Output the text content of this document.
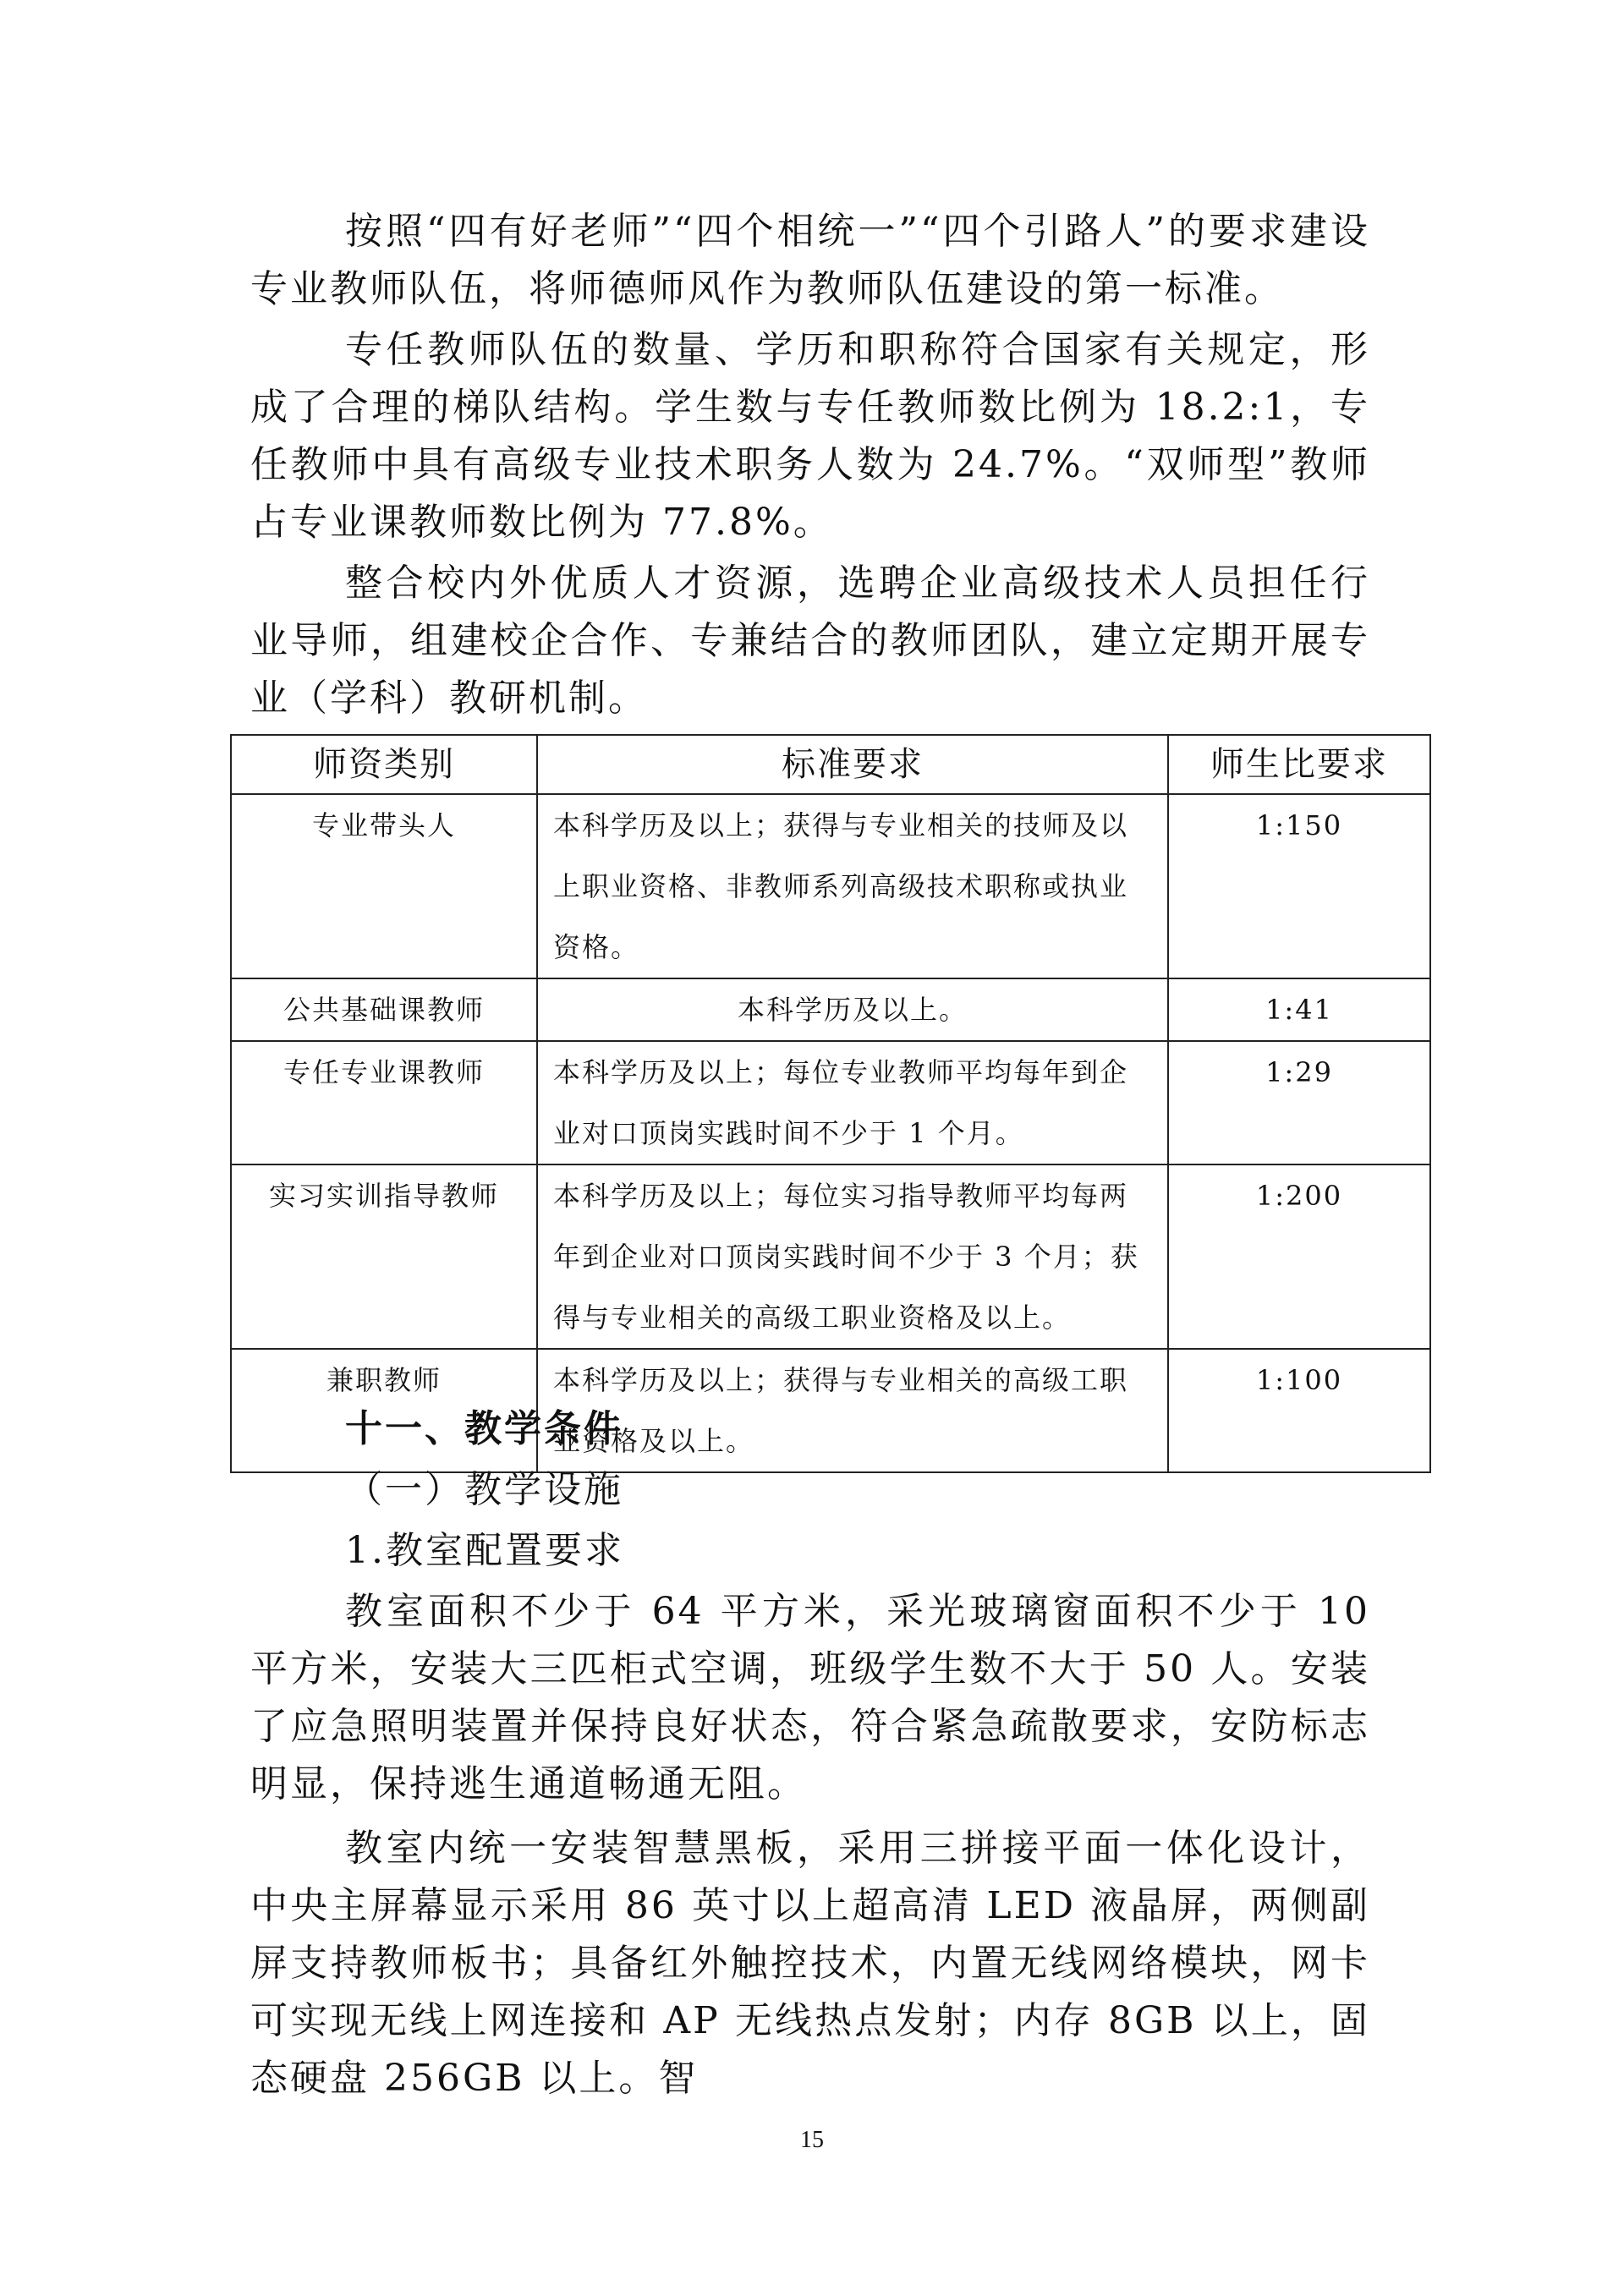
按照“四有好老师”“四个相统一”“四个引路人”的要求建设专业教师队伍，将师德师风作为教师队伍建设的第一标准。

专任教师队伍的数量、学历和职称符合国家有关规定，形成了合理的梯队结构。学生数与专任教师数比例为 18.2:1，专任教师中具有高级专业技术职务人数为 24.7%。“双师型”教师占专业课教师数比例为 77.8%。

整合校内外优质人才资源，选聘企业高级技术人员担任行业导师，组建校企合作、专兼结合的教师团队，建立定期开展专业（学科）教研机制。

师资类别	标准要求	师生比要求
专业带头人	本科学历及以上；获得与专业相关的技师及以上职业资格、非教师系列高级技术职称或执业资格。	1:150
公共基础课教师	本科学历及以上。	1:41
专任专业课教师	本科学历及以上；每位专业教师平均每年到企业对口顶岗实践时间不少于 1 个月。	1:29
实习实训指导教师	本科学历及以上；每位实习指导教师平均每两年到企业对口顶岗实践时间不少于 3 个月；获得与专业相关的高级工职业资格及以上。	1:200
兼职教师	本科学历及以上；获得与专业相关的高级工职业资格及以上。	1:100
十一、教学条件
（一）教学设施
1.教室配置要求

教室面积不少于 64 平方米，采光玻璃窗面积不少于 10 平方米，安装大三匹柜式空调，班级学生数不大于 50 人。安装了应急照明装置并保持良好状态，符合紧急疏散要求，安防标志明显，保持逃生通道畅通无阻。

教室内统一安装智慧黑板，采用三拼接平面一体化设计，中央主屏幕显示采用 86 英寸以上超高清 LED 液晶屏，两侧副屏支持教师板书；具备红外触控技术，内置无线网络模块，网卡可实现无线上网连接和 AP 无线热点发射；内存 8GB 以上，固态硬盘 256GB 以上。智

15
